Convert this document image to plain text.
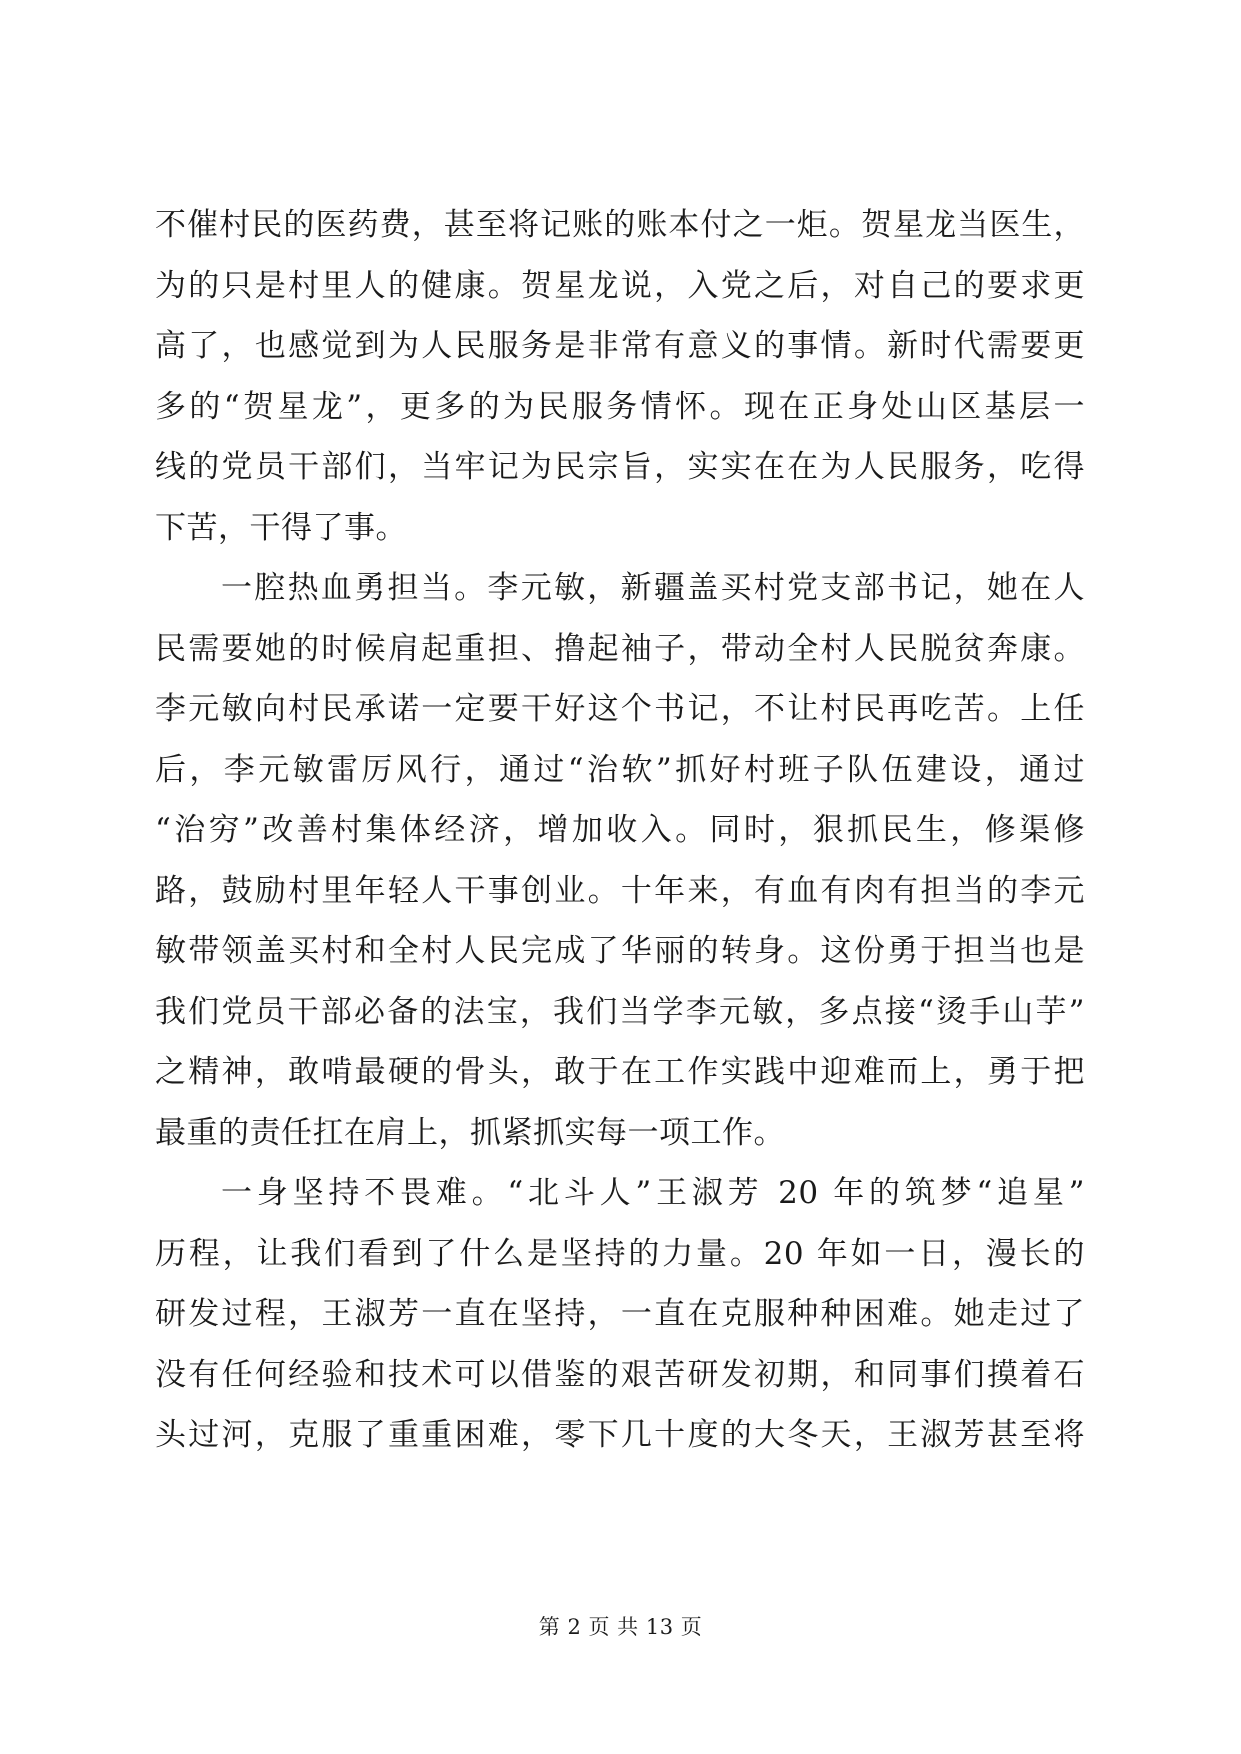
不催村民的医药费，甚至将记账的账本付之一炬。贺星龙当医生，
为的只是村里人的健康。贺星龙说，入党之后，对自己的要求更
高了，也感觉到为人民服务是非常有意义的事情。新时代需要更
多的“贺星龙”，更多的为民服务情怀。现在正身处山区基层一
线的党员干部们，当牢记为民宗旨，实实在在为人民服务，吃得
下苦，干得了事。
一腔热血勇担当。李元敏，新疆盖买村党支部书记，她在人
民需要她的时候肩起重担、撸起袖子，带动全村人民脱贫奔康。
李元敏向村民承诺一定要干好这个书记，不让村民再吃苦。上任
后，李元敏雷厉风行，通过“治软”抓好村班子队伍建设，通过
“治穷”改善村集体经济，增加收入。同时，狠抓民生，修渠修
路，鼓励村里年轻人干事创业。十年来，有血有肉有担当的李元
敏带领盖买村和全村人民完成了华丽的转身。这份勇于担当也是
我们党员干部必备的法宝，我们当学李元敏，多点接“烫手山芋”
之精神，敢啃最硬的骨头，敢于在工作实践中迎难而上，勇于把
最重的责任扛在肩上，抓紧抓实每一项工作。
一身坚持不畏难。“北斗人”王淑芳 20 年的筑梦“追星”
历程，让我们看到了什么是坚持的力量。20 年如一日，漫长的
研发过程，王淑芳一直在坚持，一直在克服种种困难。她走过了
没有任何经验和技术可以借鉴的艰苦研发初期，和同事们摸着石
头过河，克服了重重困难，零下几十度的大冬天，王淑芳甚至将
第 2 页 共 13 页
